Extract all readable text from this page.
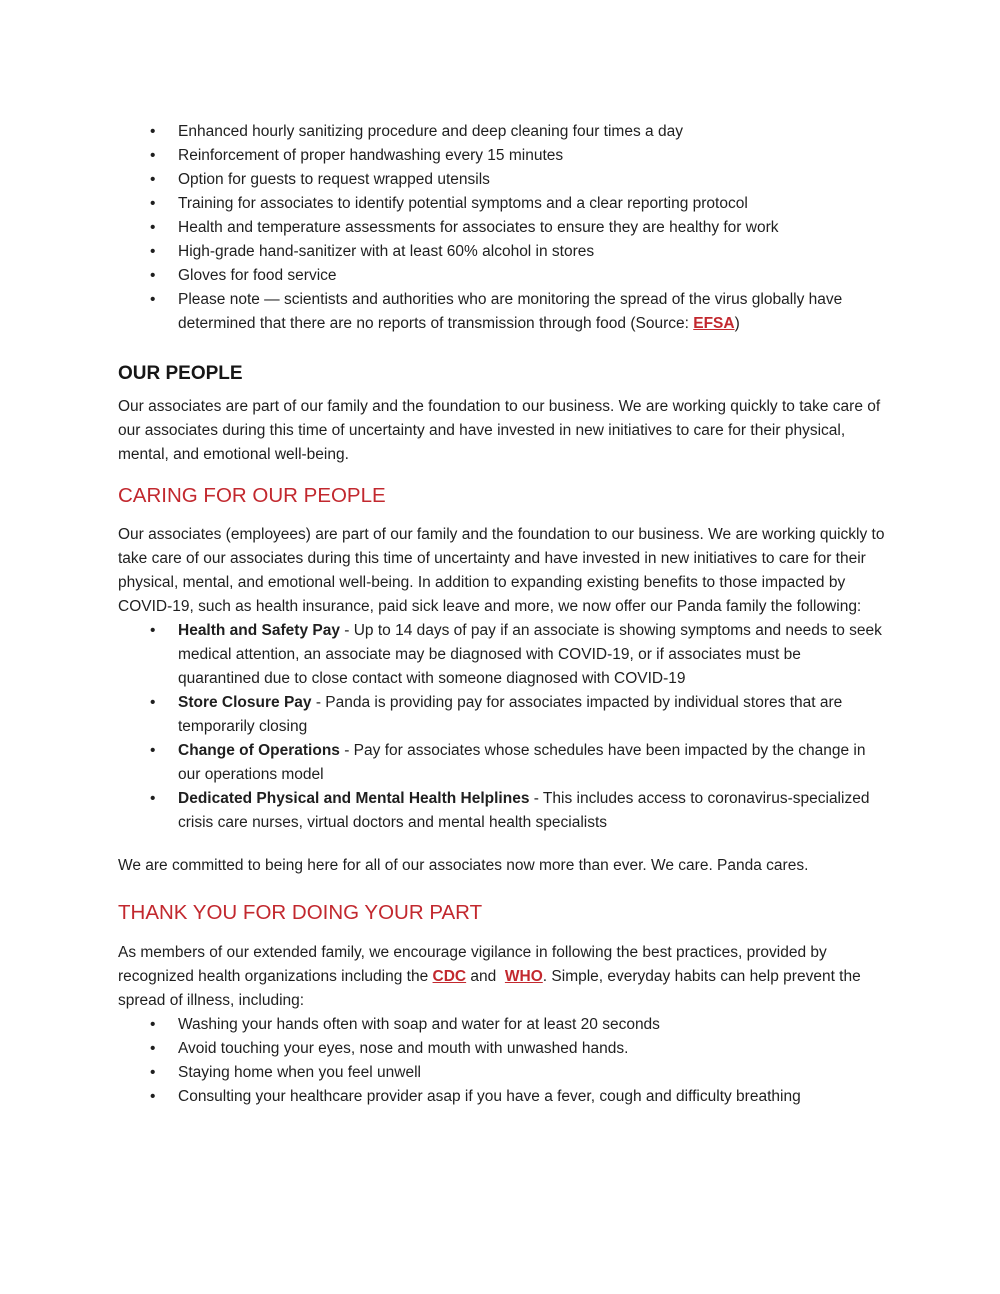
• Enhanced hourly sanitizing procedure and deep cleaning four times a day
• Reinforcement of proper handwashing every 15 minutes
• Option for guests to request wrapped utensils
• Training for associates to identify potential symptoms and a clear reporting protocol
• Health and temperature assessments for associates to ensure they are healthy for work
• High-grade hand-sanitizer with at least 60% alcohol in stores
• Gloves for food service
• Please note — scientists and authorities who are monitoring the spread of the virus globally have determined that there are no reports of transmission through food (Source: EFSA)
OUR PEOPLE

Our associates are part of our family and the foundation to our business. We are working quickly to take care of our associates during this time of uncertainty and have invested in new initiatives to care for their physical, mental, and emotional well-being.

CARING FOR OUR PEOPLE

Our associates (employees) are part of our family and the foundation to our business. We are working quickly to take care of our associates during this time of uncertainty and have invested in new initiatives to care for their physical, mental, and emotional well-being. In addition to expanding existing benefits to those impacted by COVID-19, such as health insurance, paid sick leave and more, we now offer our Panda family the following:

• Health and Safety Pay - Up to 14 days of pay if an associate is showing symptoms and needs to seek medical attention, an associate may be diagnosed with COVID-19, or if associates must be quarantined due to close contact with someone diagnosed with COVID-19
• Store Closure Pay - Panda is providing pay for associates impacted by individual stores that are temporarily closing
• Change of Operations - Pay for associates whose schedules have been impacted by the change in our operations model
• Dedicated Physical and Mental Health Helplines - This includes access to coronavirus-specialized crisis care nurses, virtual doctors and mental health specialists

We are committed to being here for all of our associates now more than ever. We care. Panda cares.

THANK YOU FOR DOING YOUR PART

As members of our extended family, we encourage vigilance in following the best practices, provided by recognized health organizations including the CDC and  WHO. Simple, everyday habits can help prevent the spread of illness, including:

• Washing your hands often with soap and water for at least 20 seconds
• Avoid touching your eyes, nose and mouth with unwashed hands.
• Staying home when you feel unwell
• Consulting your healthcare provider asap if you have a fever, cough and difficulty breathing
